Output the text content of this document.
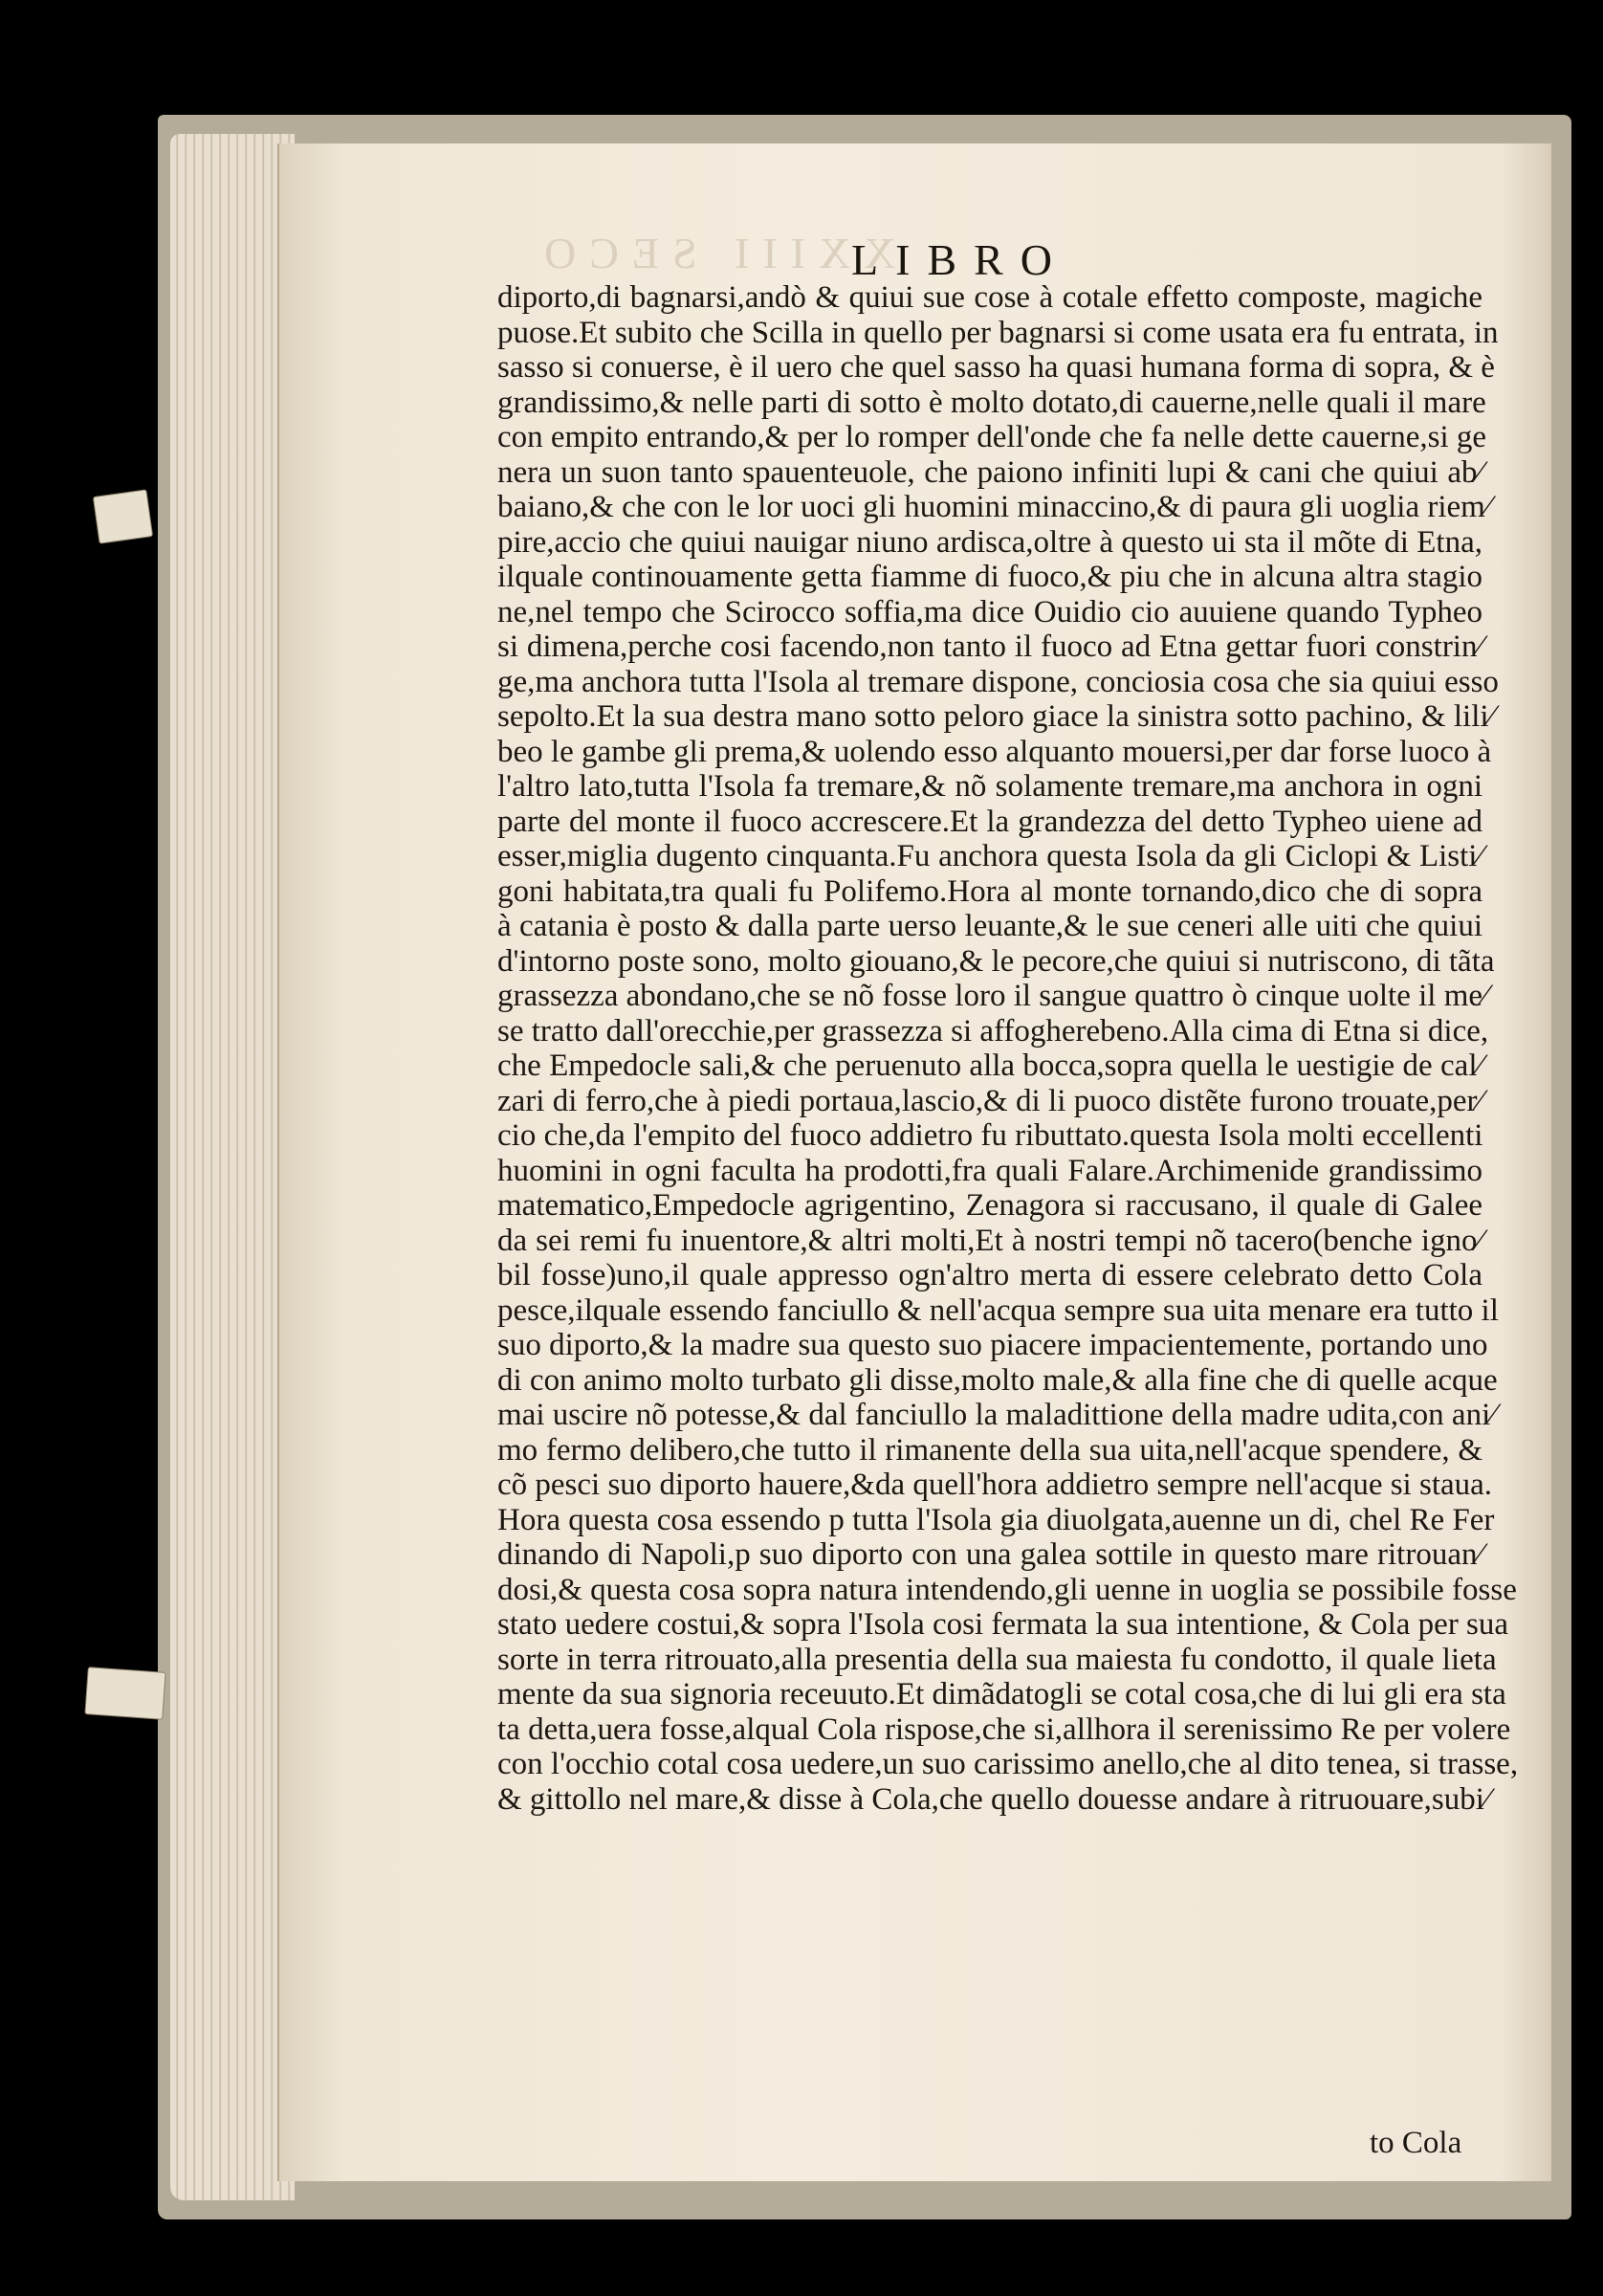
XXIII SECO
LIBRO
diporto,di bagnarsi,andò & quiui sue cose à cotale effetto composte, magiche
puose.Et subito che Scilla in quello per bagnarsi si come usata era fu entrata, in
sasso si conuerse, è il uero che quel sasso ha quasi humana forma di sopra, & è
grandissimo,& nelle parti di sotto è molto dotato,di cauerne,nelle quali il mare
con empito entrando,& per lo romper dell'onde che fa nelle dette cauerne,si ge
nera un suon tanto spauenteuole, che paiono infiniti lupi & cani che quiui ab⁄
baiano,& che con le lor uoci gli huomini minaccino,& di paura gli uoglia riem⁄
pire,accio che quiui nauigar niuno ardisca,oltre à questo ui sta il mõte di Etna,
ilquale continouamente getta fiamme di fuoco,& piu che in alcuna altra stagio
ne,nel tempo che Scirocco soffia,ma dice Ouidio cio auuiene quando Typheo
si dimena,perche cosi facendo,non tanto il fuoco ad Etna gettar fuori constrin⁄
ge,ma anchora tutta l'Isola al tremare dispone, conciosia cosa che sia quiui esso
sepolto.Et la sua destra mano sotto peloro giace la sinistra sotto pachino, & lili⁄
beo le gambe gli prema,& uolendo esso alquanto mouersi,per dar forse luoco à
l'altro lato,tutta l'Isola fa tremare,& nõ solamente tremare,ma anchora in ogni
parte del monte il fuoco accrescere.Et la grandezza del detto Typheo uiene ad
esser,miglia dugento cinquanta.Fu anchora questa Isola da gli Ciclopi & Listi⁄
goni habitata,tra quali fu Polifemo.Hora al monte tornando,dico che di sopra
à catania è posto & dalla parte uerso leuante,& le sue ceneri alle uiti che quiui
d'intorno poste sono, molto giouano,& le pecore,che quiui si nutriscono, di tãta
grassezza abondano,che se nõ fosse loro il sangue quattro ò cinque uolte il me⁄
se tratto dall'orecchie,per grassezza si affogherebeno.Alla cima di Etna si dice,
che Empedocle sali,& che peruenuto alla bocca,sopra quella le uestigie de cal⁄
zari di ferro,che à piedi portaua,lascio,& di li puoco distẽte furono trouate,per⁄
cio che,da l'empito del fuoco addietro fu ributtato.questa Isola molti eccellenti
huomini in ogni faculta ha prodotti,fra quali Falare.Archimenide grandissimo
matematico,Empedocle agrigentino, Zenagora si raccusano, il quale di Galee
da sei remi fu inuentore,& altri molti,Et à nostri tempi nõ tacero(benche igno⁄
bil fosse)uno,il quale appresso ogn'altro merta di essere celebrato detto Cola
pesce,ilquale essendo fanciullo & nell'acqua sempre sua uita menare era tutto il
suo diporto,& la madre sua questo suo piacere impacientemente, portando uno
di con animo molto turbato gli disse,molto male,& alla fine che di quelle acque
mai uscire nõ potesse,& dal fanciullo la maladittione della madre udita,con ani⁄
mo fermo delibero,che tutto il rimanente della sua uita,nell'acque spendere, &
cõ pesci suo diporto hauere,&da quell'hora addietro sempre nell'acque si staua.
Hora questa cosa essendo p tutta l'Isola gia diuolgata,auenne un di, chel Re Fer
dinando di Napoli,p suo diporto con una galea sottile in questo mare ritrouan⁄
dosi,& questa cosa sopra natura intendendo,gli uenne in uoglia se possibile fosse
stato uedere costui,& sopra l'Isola cosi fermata la sua intentione, & Cola per sua
sorte in terra ritrouato,alla presentia della sua maiesta fu condotto, il quale lieta
mente da sua signoria receuuto.Et dimãdatogli se cotal cosa,che di lui gli era sta
ta detta,uera fosse,alqual Cola rispose,che si,allhora il serenissimo Re per volere
con l'occhio cotal cosa uedere,un suo carissimo anello,che al dito tenea, si trasse,
& gittollo nel mare,& disse à Cola,che quello douesse andare à ritruouare,subi⁄
to Cola
